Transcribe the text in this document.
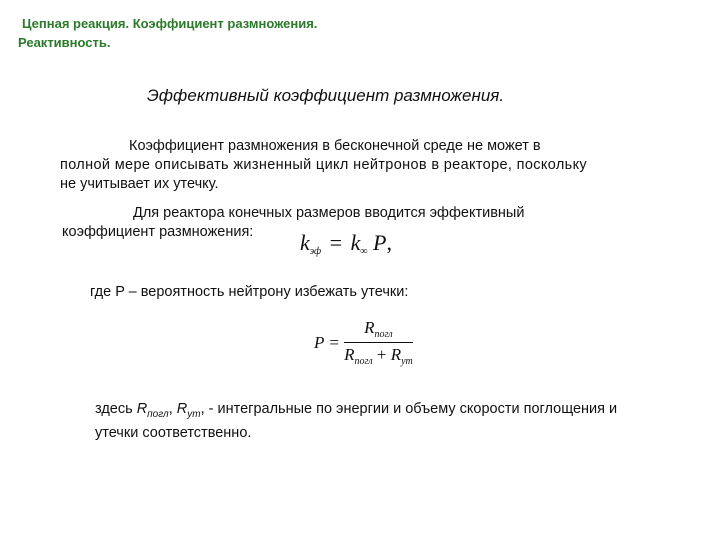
Цепная реакция. Коэффициент размножения.
Реактивность.
Эффективный коэффициент размножения.
Коэффициент размножения в бесконечной среде не может в
полной мере описывать жизненный цикл нейтронов в реакторе, поскольку
не учитывает их утечку.
Для реактора конечных размеров вводится эффективный
коэффициент размножения:	$k_{эф} = k_\infty$ P,
где P – вероятность нейтрону избежать утечки:
$P = \frac{R_{погл}}{R_{погл} + R_{ут}}$
здесь $R_{погл}$, $R_{ут}$, - интегральные по энергии и объему скорости поглощения и
утечки соответственно.
